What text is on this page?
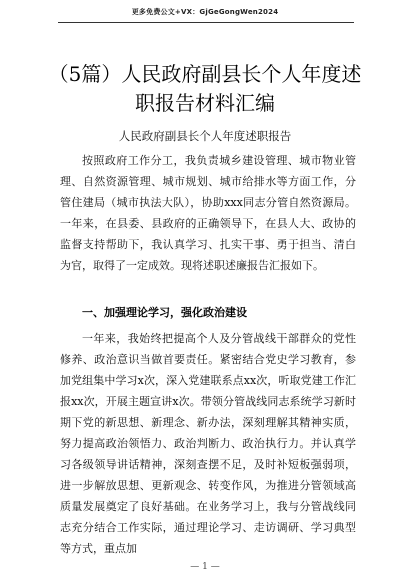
更多免费公文+VX：GjGeGongWen2024
（5篇）人民政府副县长个人年度述职报告材料汇编
人民政府副县长个人年度述职报告

按照政府工作分工，我负责城乡建设管理、城市物业管理、自然资源管理、城市规划、城市给排水等方面工作，分管住建局（城市执法大队），协助xxx同志分管自然资源局。一年来，在县委、县政府的正确领导下，在县人大、政协的监督支持帮助下，我认真学习、扎实干事、勇于担当、清白为官，取得了一定成效。现将述职述廉报告汇报如下。

一、加强理论学习，强化政治建设

一年来，我始终把提高个人及分管战线干部群众的党性修养、政治意识当做首要责任。紧密结合党史学习教育，参加党组集中学习x次，深入党建联系点xx次，听取党建工作汇报xx次，开展主题宣讲x次。带领分管战线同志系统学习新时期下党的新思想、新理念、新办法，深刻理解其精神实质，努力提高政治领悟力、政治判断力、政治执行力。并认真学习各级领导讲话精神，深刻查摆不足，及时补短板强弱项，进一步解放思想、更新观念、转变作风，为推进分管领域高质量发展奠定了良好基础。在业务学习上，我与分管战线同志充分结合工作实际，通过理论学习、走访调研、学习典型等方式，重点加

— 1 —
